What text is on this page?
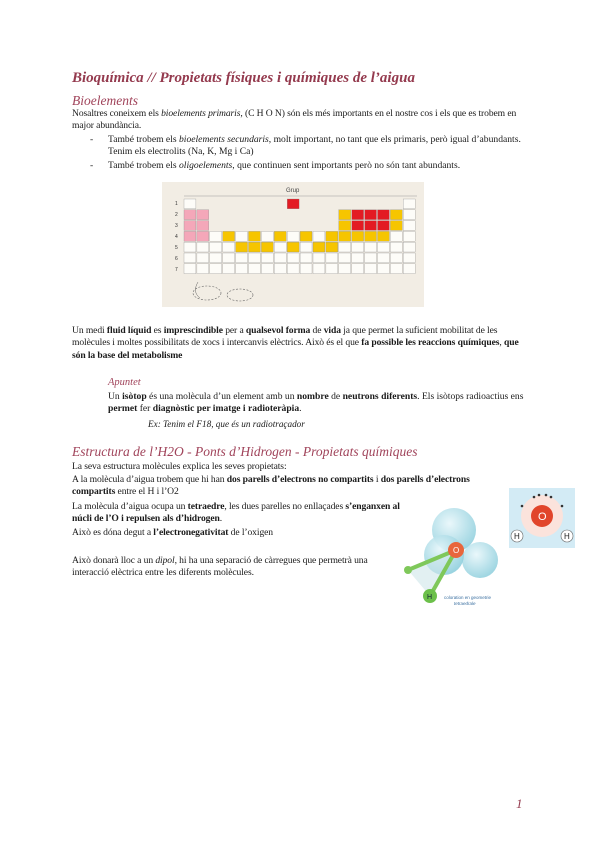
Bioquímica // Propietats físiques i químiques de l’aigua
Bioelements
Nosaltres coneixem els bioelements primaris, (C H O N) són els més importants en el nostre cos i els que es trobem en major abundància.
- També trobem els bioelements secundaris, molt important, no tant que els primaris, però igual d’abundants. Tenim els electrolits (Na, K, Mg i Ca)
- També trobem els oligoelements, que continuen sent importants però no són tant abundants.
Grup
1
2
3
4
5
6
7
Un medi fluid líquid es imprescindible per a qualsevol forma de vida ja que permet la suficient mobilitat de les molècules i moltes possibilitats de xocs i intercanvis elèctrics. Això és el que fa possible les reaccions químiques, que són la base del metabolisme
Apuntet
Un isòtop és una molècula d’un element amb un nombre de neutrons diferents. Els isòtops radioactius ens permet fer diagnòstic per imatge i radioteràpia.
Ex: Tenim el F18, que és un radiotraçador
Estructura de l’H2O - Ponts d’Hidrogen - Propietats químiques
La seva estructura molècules explica les seves propietats:
A la molècula d’aigua trobem que hi han dos parells d’electrons no compartits i dos parells d’electrons compartits entre el H i l’O2
La molècula d’aigua ocupa un tetraedre, les dues parelles no enllaçades s’enganxen al núcli de l’O i repulsen als d’hidrogen.
Això es dóna degut a l’electronegativitat de l’oxigen
Això donarà lloc a un dipol, hi ha una separació de càrregues que permetrà una interacció elèctrica entre les diferents molècules.
O
H	coloration en geometrie
tetraedrale
O
H	H
1
